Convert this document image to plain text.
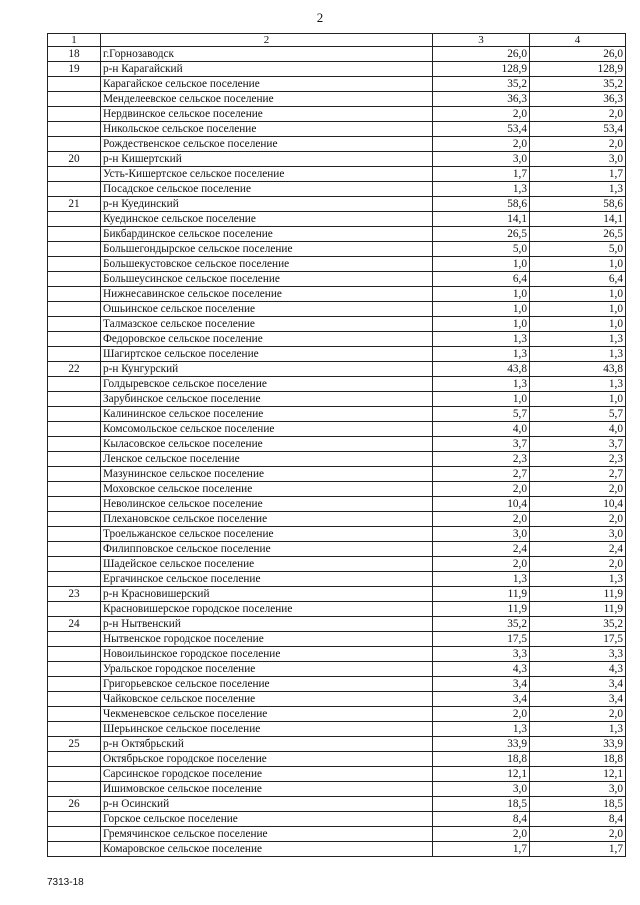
2
1	2	3	4
18	г.Горнозаводск	26,0	26,0
19	р-н Карагайский	128,9	128,9
	Карагайское сельское поселение	35,2	35,2
	Менделеевское сельское поселение	36,3	36,3
	Нердвинское сельское поселение	2,0	2,0
	Никольское сельское поселение	53,4	53,4
	Рождественское сельское поселение	2,0	2,0
20	р-н Кишертский	3,0	3,0
	Усть-Кишертское сельское поселение	1,7	1,7
	Посадское сельское поселение	1,3	1,3
21	р-н Куединский	58,6	58,6
	Куединское сельское поселение	14,1	14,1
	Бикбардинское сельское поселение	26,5	26,5
	Большегондырское сельское поселение	5,0	5,0
	Большекустовское сельское поселение	1,0	1,0
	Большеусинское сельское поселение	6,4	6,4
	Нижнесавинское сельское поселение	1,0	1,0
	Ошьинское сельское поселение	1,0	1,0
	Талмазское сельское поселение	1,0	1,0
	Федоровское сельское поселение	1,3	1,3
	Шагиртское сельское поселение	1,3	1,3
22	р-н Кунгурский	43,8	43,8
	Голдыревское сельское поселение	1,3	1,3
	Зарубинское сельское поселение	1,0	1,0
	Калининское сельское поселение	5,7	5,7
	Комсомольское сельское поселение	4,0	4,0
	Кыласовское сельское поселение	3,7	3,7
	Ленское сельское поселение	2,3	2,3
	Мазунинское сельское поселение	2,7	2,7
	Моховское сельское поселение	2,0	2,0
	Неволинское сельское поселение	10,4	10,4
	Плехановское сельское поселение	2,0	2,0
	Троельжанское сельское поселение	3,0	3,0
	Филипповское сельское поселение	2,4	2,4
	Шадейское сельское поселение	2,0	2,0
	Ергачинское сельское поселение	1,3	1,3
23	р-н Красновишерский	11,9	11,9
	Красновишерское городское поселение	11,9	11,9
24	р-н Нытвенский	35,2	35,2
	Нытвенское городское поселение	17,5	17,5
	Новоильинское городское поселение	3,3	3,3
	Уральское городское поселение	4,3	4,3
	Григорьевское сельское поселение	3,4	3,4
	Чайковское сельское поселение	3,4	3,4
	Чекменевское сельское поселение	2,0	2,0
	Шерьинское сельское поселение	1,3	1,3
25	р-н Октябрьский	33,9	33,9
	Октябрьское городское поселение	18,8	18,8
	Сарсинское городское поселение	12,1	12,1
	Ишимовское сельское поселение	3,0	3,0
26	р-н Осинский	18,5	18,5
	Горское сельское поселение	8,4	8,4
	Гремячинское сельское поселение	2,0	2,0
	Комаровское сельское поселение	1,7	1,7
7313-18
